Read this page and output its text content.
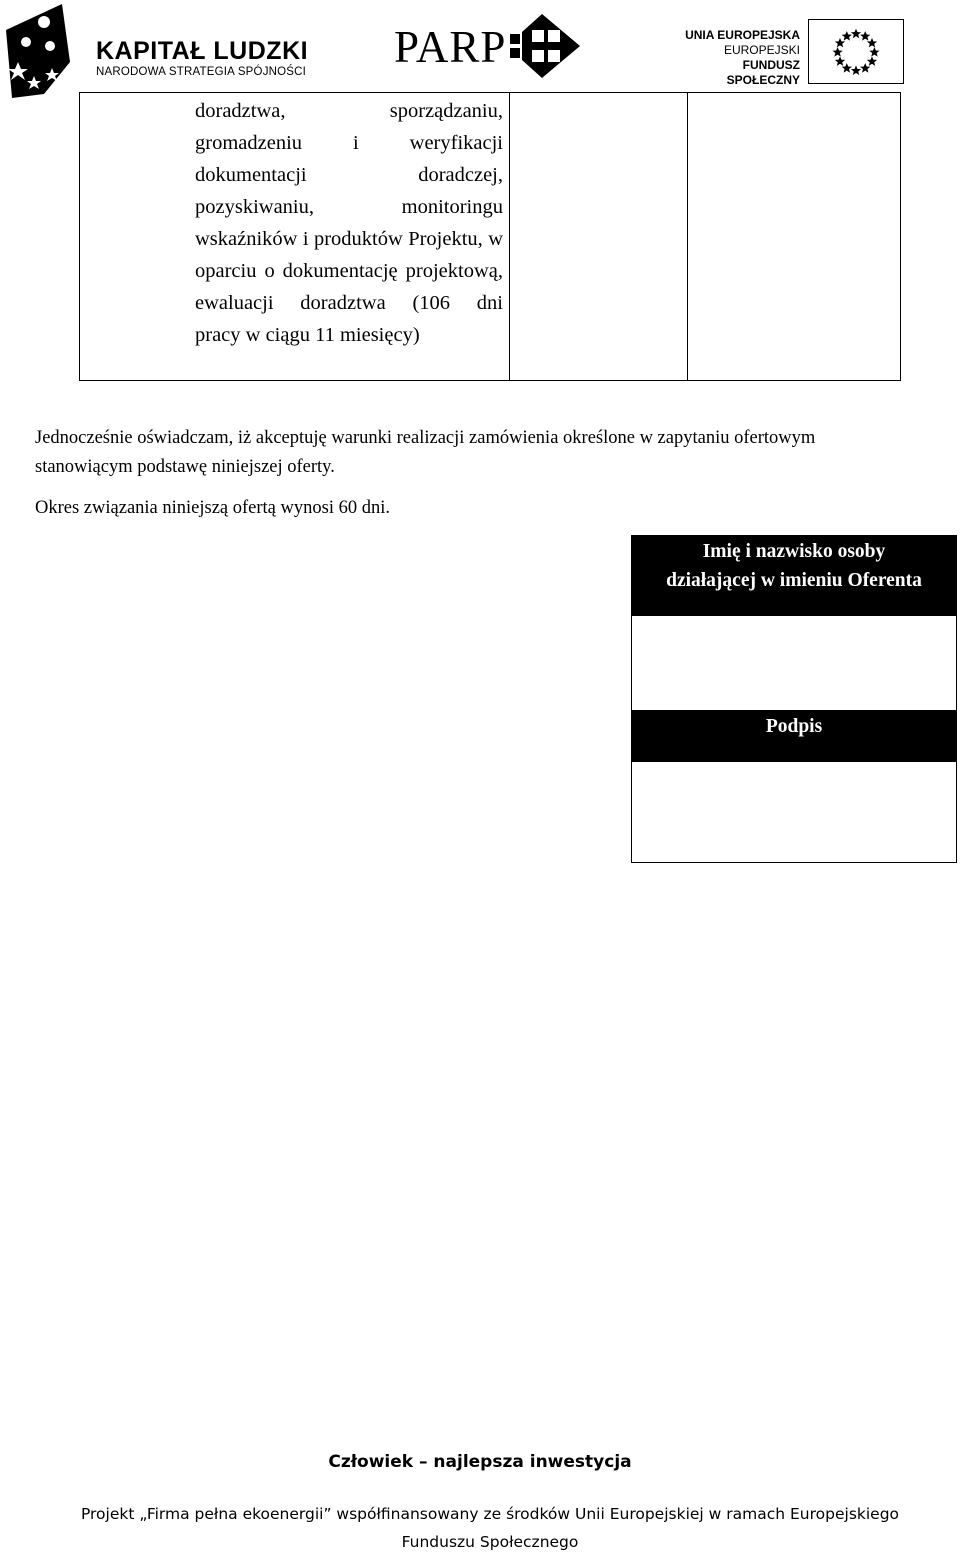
KAPITAŁ LUDZKI
NARODOWA STRATEGIA SPÓJNOŚCI PARP	UNIA EUROPEJSKA
EUROPEJSKI
FUNDUSZ SPOŁECZNY
doradztwa, sporządzaniu, gromadzeniu i weryfikacji dokumentacji doradczej, pozyskiwaniu, monitoringu wskaźników i produktów Projektu, w oparciu o dokumentację projektową, ewaluacji doradztwa (106 dni
pracy w ciągu 11 miesięcy)

Jednocześnie oświadczam, iż akceptuję warunki realizacji zamówienia określone w zapytaniu ofertowym stanowiącym podstawę niniejszej oferty.

Okres związania niniejszą ofertą wynosi 60 dni.

Imię i nazwisko osoby
działającej w imieniu Oferenta
Podpis
Człowiek – najlepsza inwestycja
Projekt „Firma pełna ekoenergii” współfinansowany ze środków Unii Europejskiej w ramach Europejskiego
Funduszu Społecznego
